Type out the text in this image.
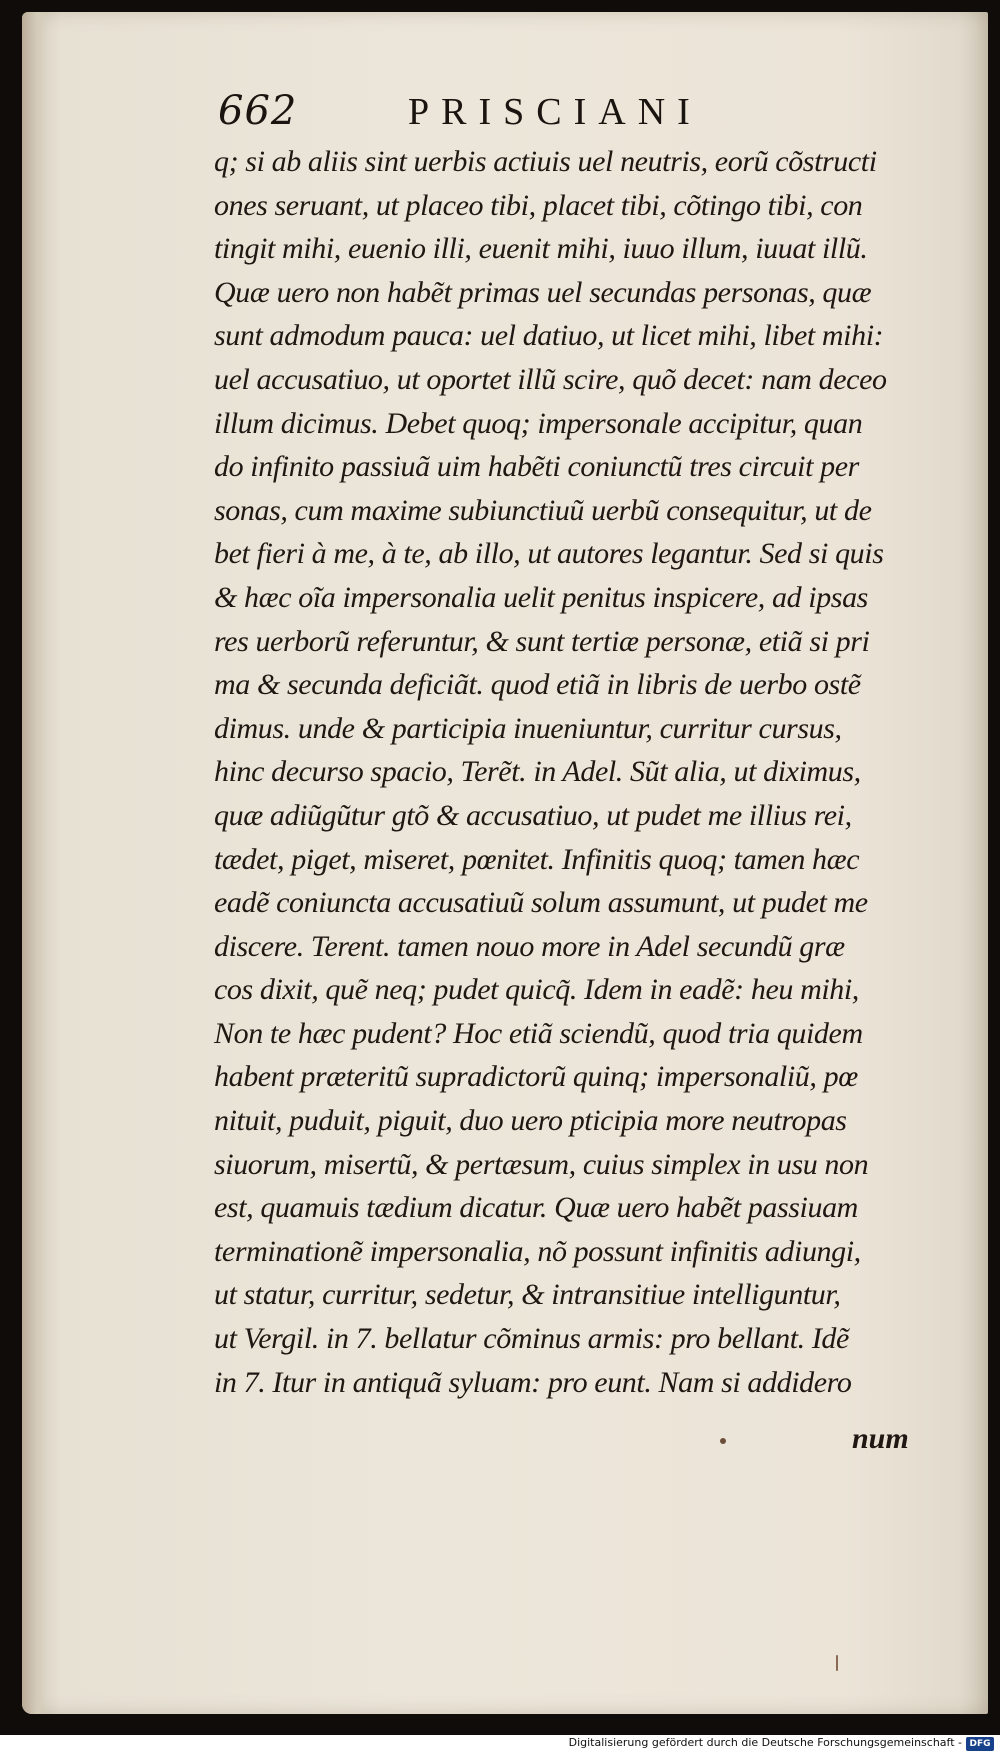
662	PRISCIANI
q; si ab aliis sint uerbis actiuis uel neutris, eorũ cõstructi
ones seruant, ut placeo tibi, placet tibi, cõtingo tibi, con
tingit mihi, euenio illi, euenit mihi, iuuo illum, iuuat illũ.
Quæ uero non habẽt primas uel secundas personas, quæ
sunt admodum pauca: uel datiuo, ut licet mihi, libet mihi:
uel accusatiuo, ut oportet illũ scire, quõ decet: nam deceo
illum dicimus. Debet quoq; impersonale accipitur, quan
do infinito passiuã uim habẽti coniunctũ tres circuit per
sonas, cum maxime subiunctiuũ uerbũ consequitur, ut de
bet fieri à me, à te, ab illo, ut autores legantur. Sed si quis
& hæc oĩa impersonalia uelit penitus inspicere, ad ipsas
res uerborũ referuntur, & sunt tertiæ personæ, etiã si pri
ma & secunda deficiãt. quod etiã in libris de uerbo ostẽ
dimus. unde & participia inueniuntur, curritur cursus,
hinc decurso spacio, Terẽt. in Adel. Sũt alia, ut diximus,
quæ adiũgũtur gtõ & accusatiuo, ut pudet me illius rei,
tædet, piget, miseret, pœnitet. Infinitis quoq; tamen hæc
eadẽ coniuncta accusatiuũ solum assumunt, ut pudet me
discere. Terent. tamen nouo more in Adel secundũ græ
cos dixit, quẽ neq; pudet quicq̃. Idem in eadẽ: heu mihi,
Non te hæc pudent? Hoc etiã sciendũ, quod tria quidem
habent præteritũ supradictorũ quinq; impersonaliũ, pœ
nituit, puduit, piguit, duo uero pticipia more neutropas
siuorum, misertũ, & pertæsum, cuius simplex in usu non
est, quamuis tædium dicatur. Quæ uero habẽt passiuam
terminationẽ impersonalia, nõ possunt infinitis adiungi,
ut statur, curritur, sedetur, & intransitiue intelliguntur,
ut Vergil. in 7. bellatur cõminus armis: pro bellant. Idẽ
in 7. Itur in antiquã syluam: pro eunt. Nam si addidero
num
Digitalisierung gefördert durch die Deutsche Forschungsgemeinschaft - DFG
